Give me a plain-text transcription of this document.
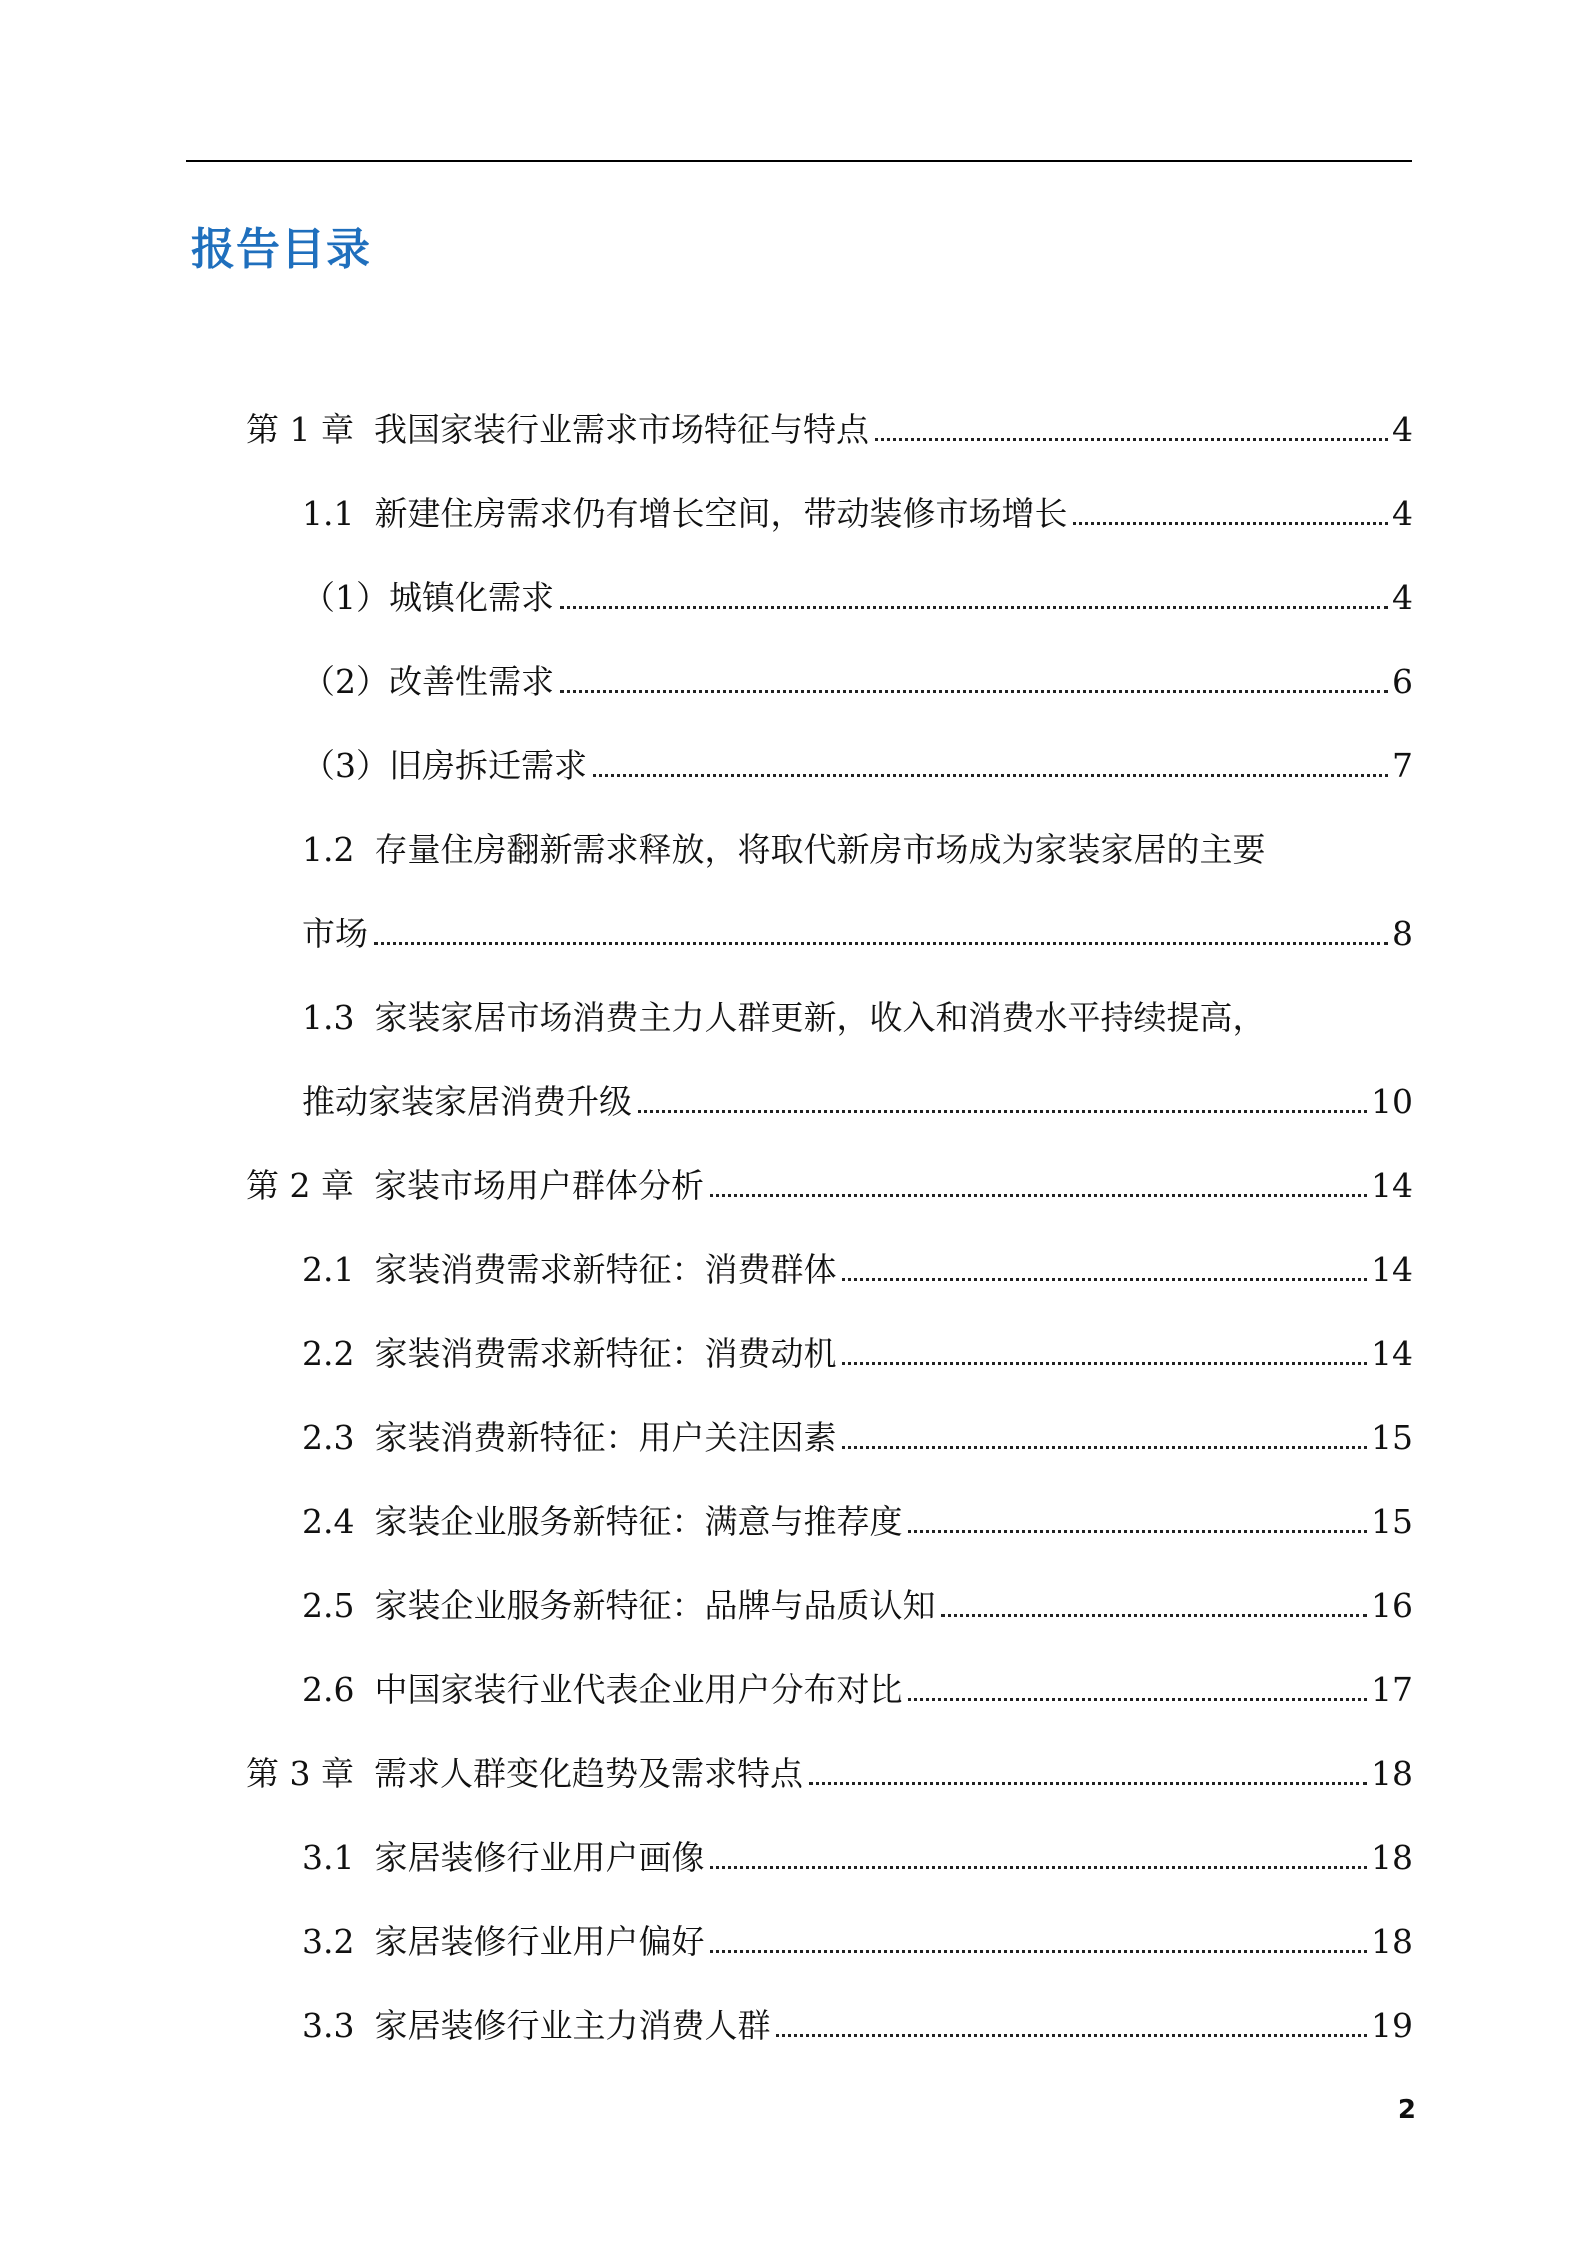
报告目录
第 1 章 我国家装行业需求市场特征与特点	4
1.1 新建住房需求仍有增长空间，带动装修市场增长	4
（1）城镇化需求	4
（2）改善性需求	6
（3）旧房拆迁需求	7
1.2 存量住房翻新需求释放，将取代新房市场成为家装家居的主要
市场	8
1.3 家装家居市场消费主力人群更新，收入和消费水平持续提高，
推动家装家居消费升级	10
第 2 章 家装市场用户群体分析	14
2.1 家装消费需求新特征：消费群体	14
2.2 家装消费需求新特征：消费动机	14
2.3 家装消费新特征：用户关注因素	15
2.4 家装企业服务新特征：满意与推荐度	15
2.5 家装企业服务新特征：品牌与品质认知	16
2.6 中国家装行业代表企业用户分布对比	17
第 3 章 需求人群变化趋势及需求特点	18
3.1 家居装修行业用户画像	18
3.2 家居装修行业用户偏好	18
3.3 家居装修行业主力消费人群	19
2
